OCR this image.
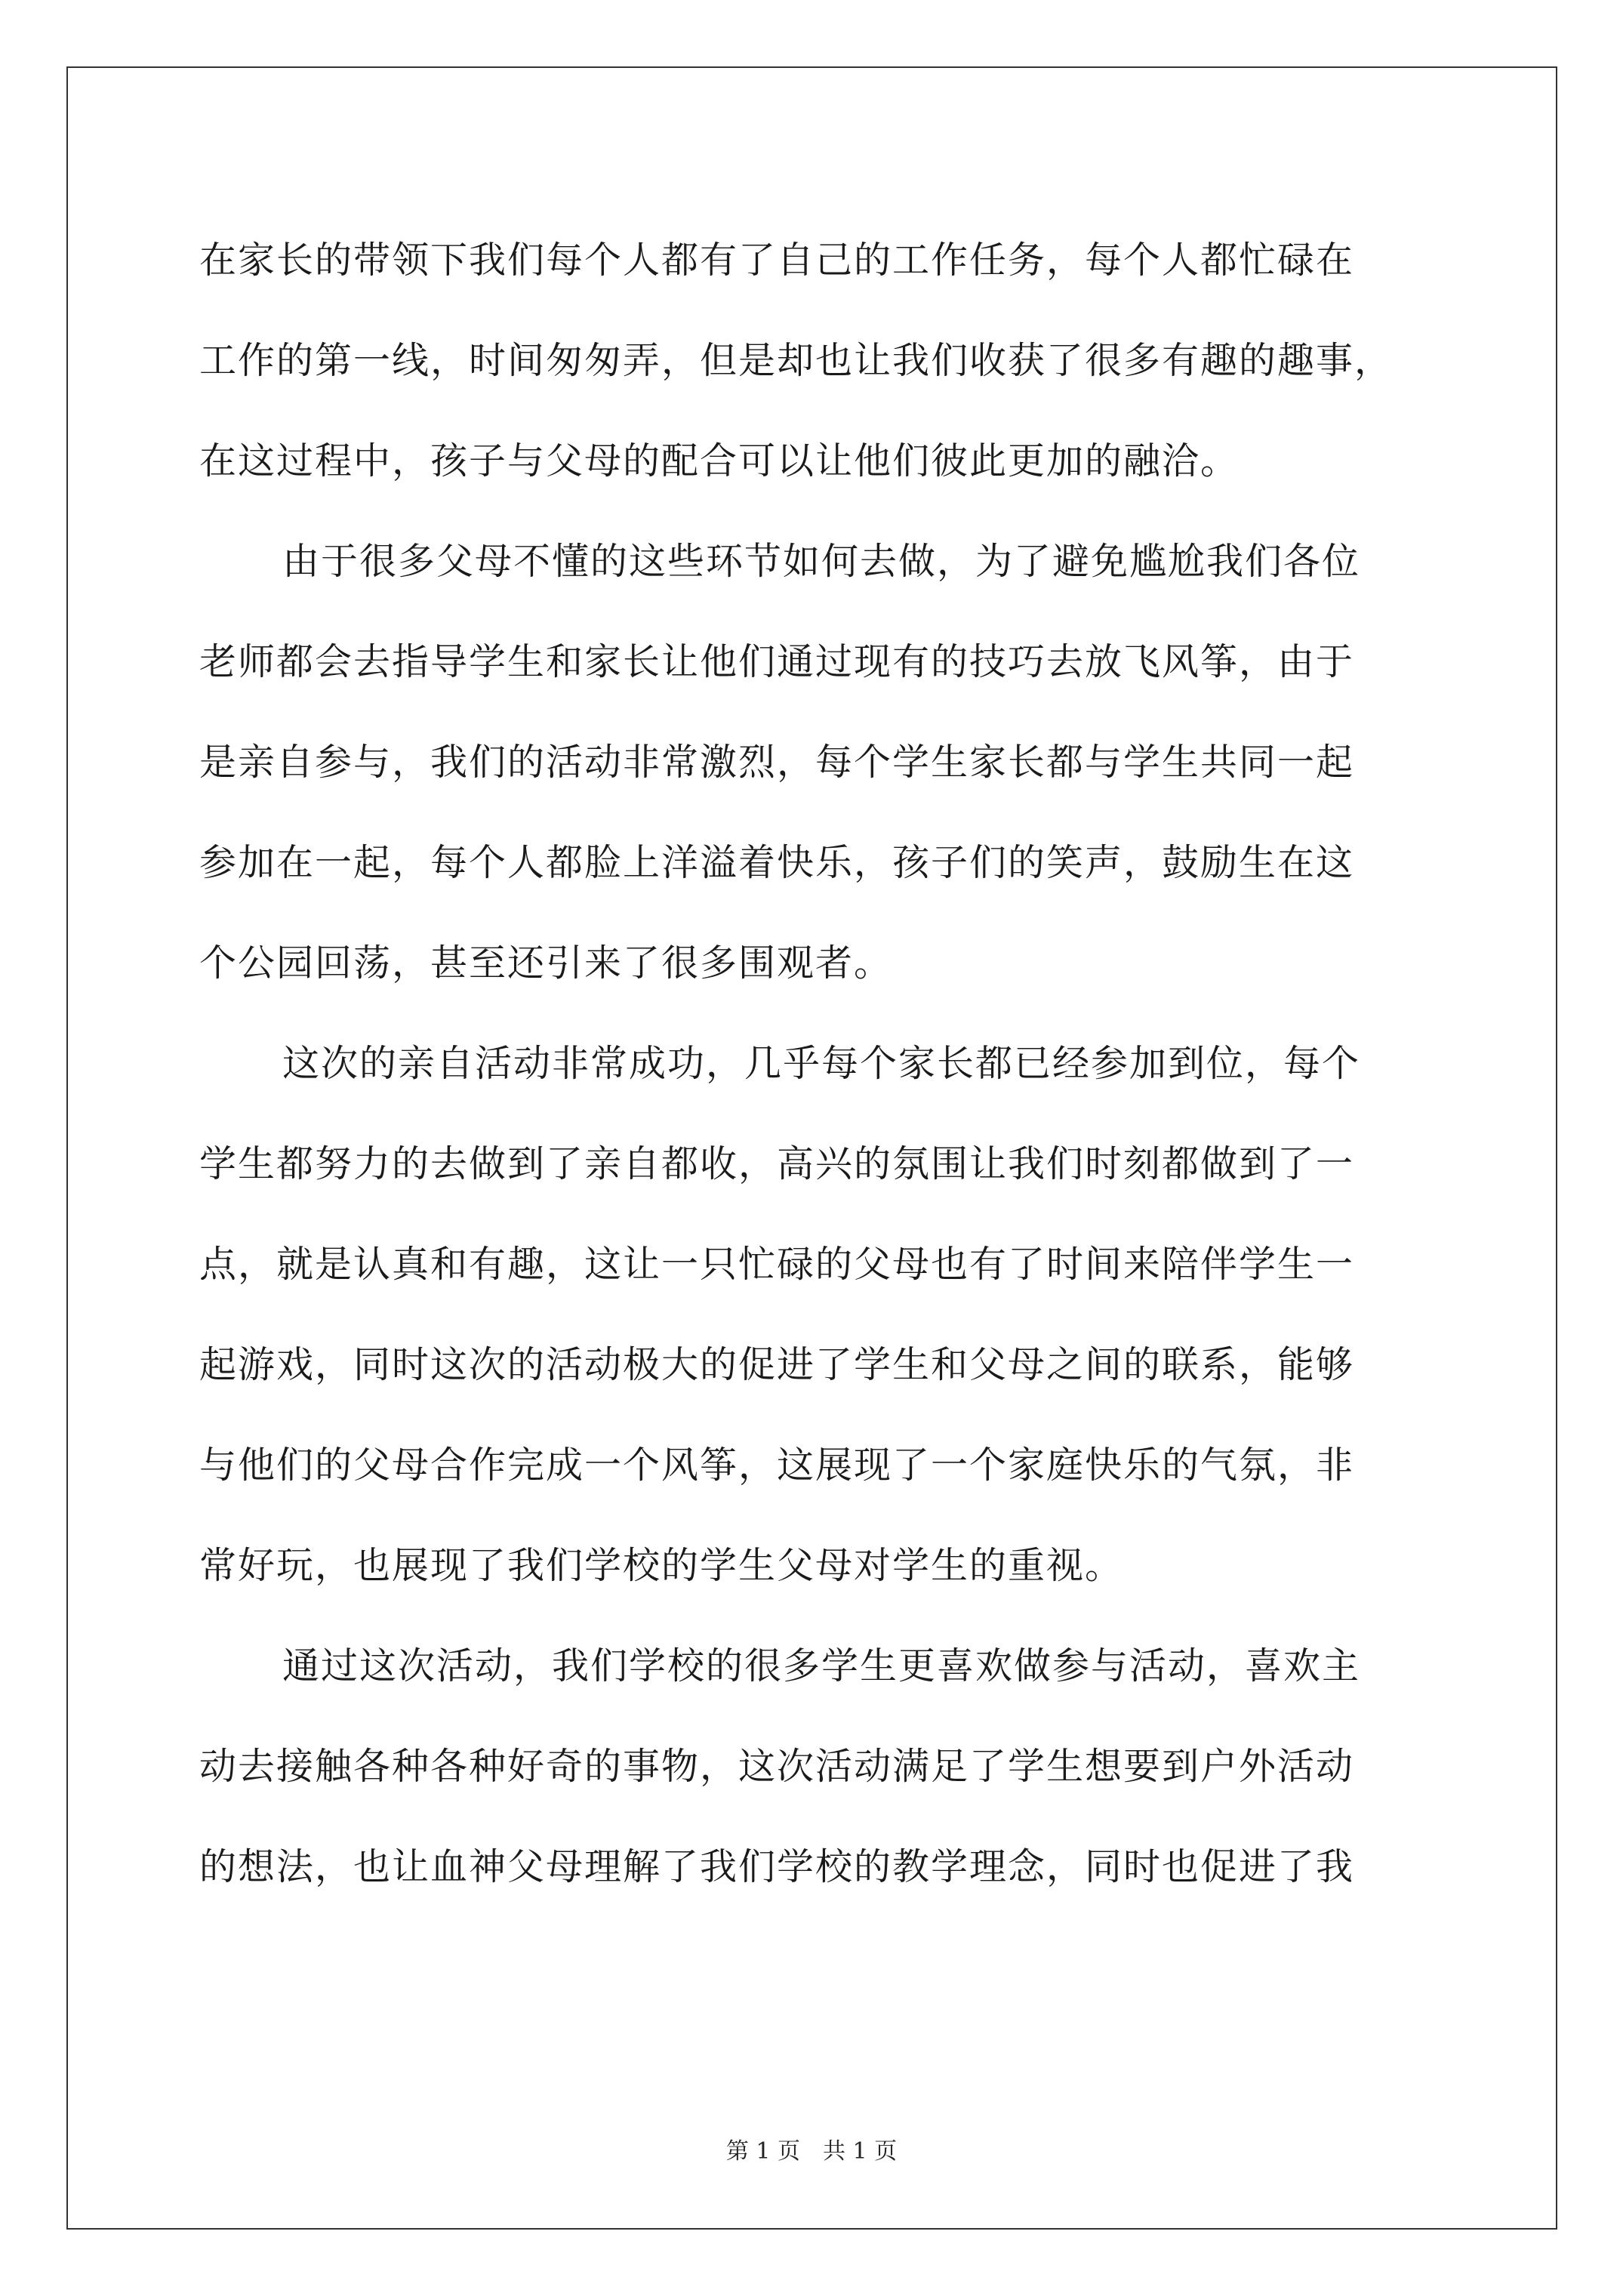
在家长的带领下我们每个人都有了自己的工作任务，每个人都忙碌在
工作的第一线，时间匆匆弄，但是却也让我们收获了很多有趣的趣事，
在这过程中，孩子与父母的配合可以让他们彼此更加的融洽。
由于很多父母不懂的这些环节如何去做，为了避免尴尬我们各位
老师都会去指导学生和家长让他们通过现有的技巧去放飞风筝，由于
是亲自参与，我们的活动非常激烈，每个学生家长都与学生共同一起
参加在一起，每个人都脸上洋溢着快乐，孩子们的笑声，鼓励生在这
个公园回荡，甚至还引来了很多围观者。
这次的亲自活动非常成功，几乎每个家长都已经参加到位，每个
学生都努力的去做到了亲自都收，高兴的氛围让我们时刻都做到了一
点，就是认真和有趣，这让一只忙碌的父母也有了时间来陪伴学生一
起游戏，同时这次的活动极大的促进了学生和父母之间的联系，能够
与他们的父母合作完成一个风筝，这展现了一个家庭快乐的气氛，非
常好玩，也展现了我们学校的学生父母对学生的重视。
通过这次活动，我们学校的很多学生更喜欢做参与活动，喜欢主
动去接触各种各种好奇的事物，这次活动满足了学生想要到户外活动
的想法，也让血神父母理解了我们学校的教学理念，同时也促进了我
第 1 页　共 1 页
